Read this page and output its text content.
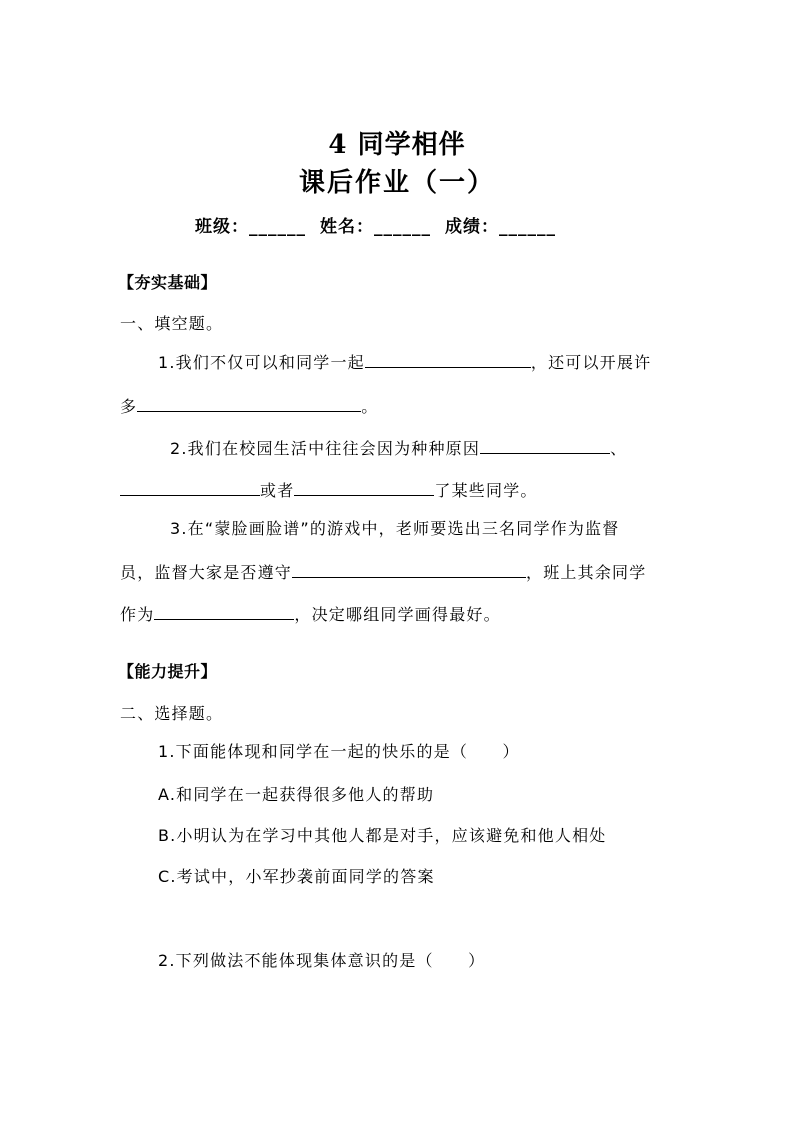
4 同学相伴
课后作业（一）
班级：______ 姓名：______ 成绩：______
【夯实基础】
一、填空题。
1.我们不仅可以和同学一起	，还可以开展许
多	。
2.我们在校园生活中往往会因为种种原因	、
或者	了某些同学。
3.在“蒙脸画脸谱”的游戏中，老师要选出三名同学作为监督
员，监督大家是否遵守	，班上其余同学
作为	，决定哪组同学画得最好。
【能力提升】
二、选择题。
1.下面能体现和同学在一起的快乐的是（　　）
A.和同学在一起获得很多他人的帮助
B.小明认为在学习中其他人都是对手，应该避免和他人相处
C.考试中，小军抄袭前面同学的答案
2.下列做法不能体现集体意识的是（　　）
